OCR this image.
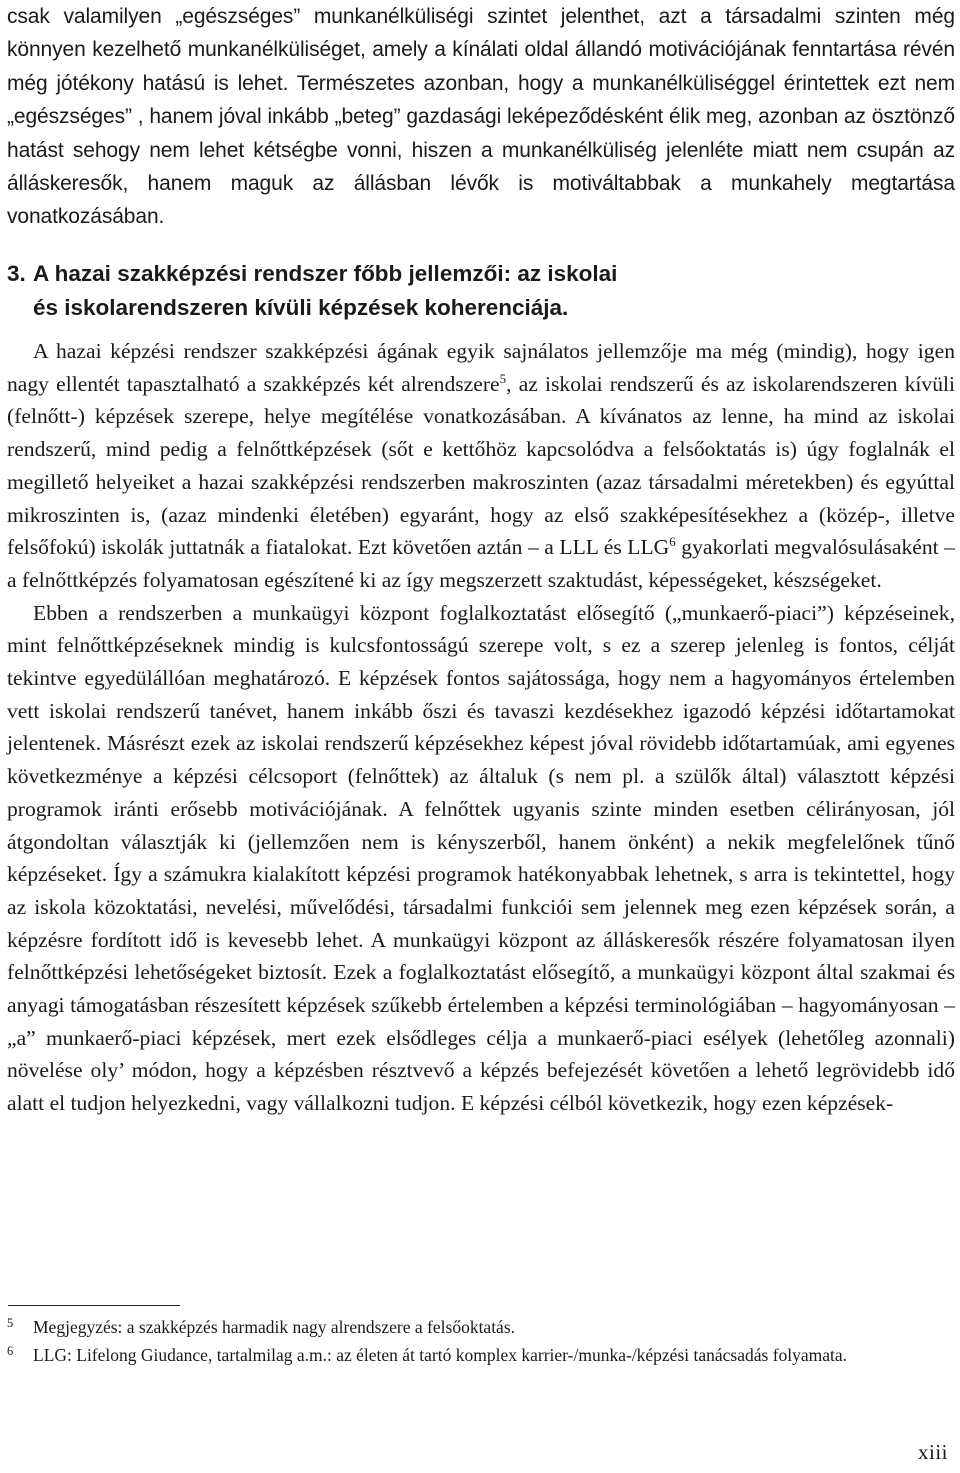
csak valamilyen „egészséges” munkanélküliségi szintet jelenthet, azt a társadalmi szinten még könnyen kezelhető munkanélküliséget, amely a kínálati oldal állandó motivációjának fenntartása révén még jótékony hatású is lehet. Természetes azonban, hogy a munkanélküliséggel érintettek ezt nem „egészséges” , hanem jóval inkább „beteg” gazdasági leképeződésként élik meg, azonban az ösztönző hatást sehogy nem lehet kétségbe vonni, hiszen a munkanélküliség jelenléte miatt nem csupán az álláskeresők, hanem maguk az állásban lévők is motiváltabbak a munkahely megtartása vonatkozásában.

3. A hazai szakképzési rendszer főbb jellemzői: az iskolai
és iskolarendszeren kívüli képzések koherenciája.

A hazai képzési rendszer szakképzési ágának egyik sajnálatos jellemzője ma még (mindig), hogy igen nagy ellentét tapasztalható a szakképzés két alrendszere$^5$, az iskolai rendszerű és az iskolarendszeren kívüli (felnőtt-) képzések szerepe, helye megítélése vonatkozásában. A kívánatos az lenne, ha mind az iskolai rendszerű, mind pedig a felnőttképzések (sőt e kettőhöz kapcsolódva a felsőoktatás is) úgy foglalnák el megillető helyeiket a hazai szakképzési rendszerben makroszinten (azaz társadalmi méretekben) és egyúttal mikroszinten is, (azaz mindenki életében) egyaránt, hogy az első szakképesítésekhez a (közép-, illetve felsőfokú) iskolák juttatnák a fiatalokat. Ezt követően aztán – a LLL és LLG$^6$ gyakorlati megvalósulásaként – a felnőttképzés folyamatosan egészítené ki az így megszerzett szaktudást, képességeket, készségeket.

Ebben a rendszerben a munkaügyi központ foglalkoztatást elősegítő („munkaerő-piaci”) képzéseinek, mint felnőttképzéseknek mindig is kulcsfontosságú szerepe volt, s ez a szerep jelenleg is fontos, célját tekintve egyedülállóan meghatározó. E képzések fontos sajátossága, hogy nem a hagyományos értelemben vett iskolai rendszerű tanévet, hanem inkább őszi és tavaszi kezdésekhez igazodó képzési időtartamokat jelentenek. Másrészt ezek az iskolai rendszerű képzésekhez képest jóval rövidebb időtartamúak, ami egyenes következménye a képzési célcsoport (felnőttek) az általuk (s nem pl. a szülők által) választott képzési programok iránti erősebb motivációjának. A felnőttek ugyanis szinte minden esetben célirányosan, jól átgondoltan választják ki (jellemzően nem is kényszerből, hanem önként) a nekik megfelelőnek tűnő képzéseket. Így a számukra kialakított képzési programok hatékonyabbak lehetnek, s arra is tekintettel, hogy az iskola közoktatási, nevelési, művelődési, társadalmi funkciói sem jelennek meg ezen képzések során, a képzésre fordított idő is kevesebb lehet. A munkaügyi központ az álláskeresők részére folyamatosan ilyen felnőttképzési lehetőségeket biztosít. Ezek a foglalkoztatást elősegítő, a munkaügyi központ által szakmai és anyagi támogatásban részesített képzések szűkebb értelemben a képzési terminológiában – hagyományosan – „a” munkaerő-piaci képzések, mert ezek elsődleges célja a munkaerő-piaci esélyek (lehetőleg azonnali) növelése oly’ módon, hogy a képzésben résztvevő a képzés befejezését követően a lehető legrövidebb idő alatt el tudjon helyezkedni, vagy vállalkozni tudjon. E képzési célból következik, hogy ezen képzések-

5	Megjegyzés: a szakképzés harmadik nagy alrendszere a felsőoktatás.
6	LLG: Lifelong Giudance, tartalmilag a.m.: az életen át tartó komplex karrier-/munka-/képzési tanácsadás folyamata.
xiii
